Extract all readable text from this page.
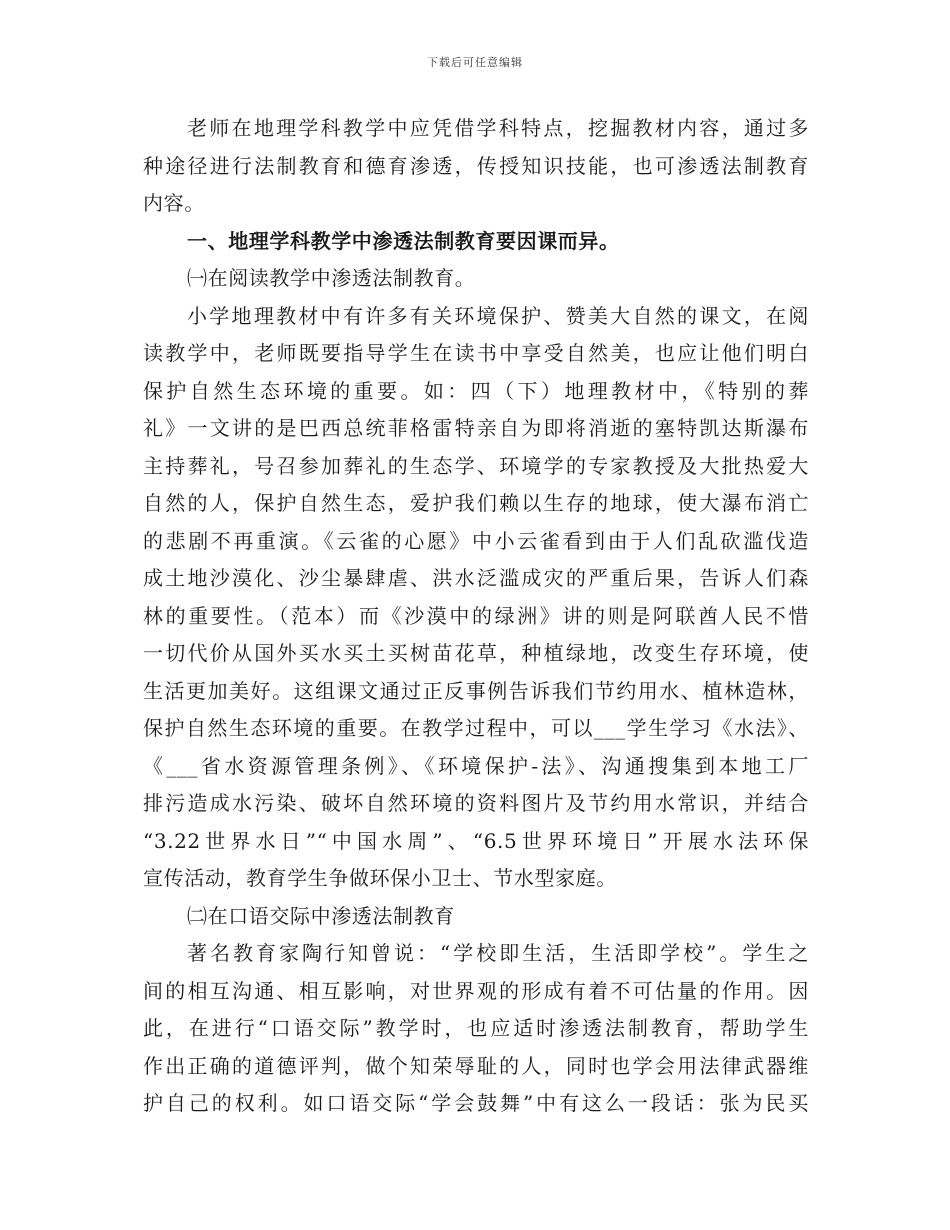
下载后可任意编辑
老师在地理学科教学中应凭借学科特点，挖掘教材内容，通过多
种途径进行法制教育和德育渗透，传授知识技能，也可渗透法制教育
内容。
一、地理学科教学中渗透法制教育要因课而异。
㈠在阅读教学中渗透法制教育。
小学地理教材中有许多有关环境保护、赞美大自然的课文，在阅
读教学中，老师既要指导学生在读书中享受自然美，也应让他们明白
保护自然生态环境的重要。如：四（下）地理教材中，《特别的葬
礼》一文讲的是巴西总统菲格雷特亲自为即将消逝的塞特凯达斯瀑布
主持葬礼，号召参加葬礼的生态学、环境学的专家教授及大批热爱大
自然的人，保护自然生态，爱护我们赖以生存的地球，使大瀑布消亡
的悲剧不再重演。《云雀的心愿》中小云雀看到由于人们乱砍滥伐造
成土地沙漠化、沙尘暴肆虐、洪水泛滥成灾的严重后果，告诉人们森
林的重要性。（范本）而《沙漠中的绿洲》讲的则是阿联酋人民不惜
一切代价从国外买水买土买树苗花草，种植绿地，改变生存环境，使
生活更加美好。这组课文通过正反事例告诉我们节约用水、植林造林，
保护自然生态环境的重要。在教学过程中，可以___学生学习《水法》、
《___省水资源管理条例》、《环境保护-法》、沟通搜集到本地工厂
排污造成水污染、破坏自然环境的资料图片及节约用水常识，并结合
“3.22世界水日”“中国水周”、“6.5世界环境日”开展水法环保
宣传活动，教育学生争做环保小卫士、节水型家庭。
㈡在口语交际中渗透法制教育
著名教育家陶行知曾说：“学校即生活，生活即学校”。学生之
间的相互沟通、相互影响，对世界观的形成有着不可估量的作用。因
此，在进行“口语交际”教学时，也应适时渗透法制教育，帮助学生
作出正确的道德评判，做个知荣辱耻的人，同时也学会用法律武器维
护自己的权利。如口语交际“学会鼓舞”中有这么一段话：张为民买
